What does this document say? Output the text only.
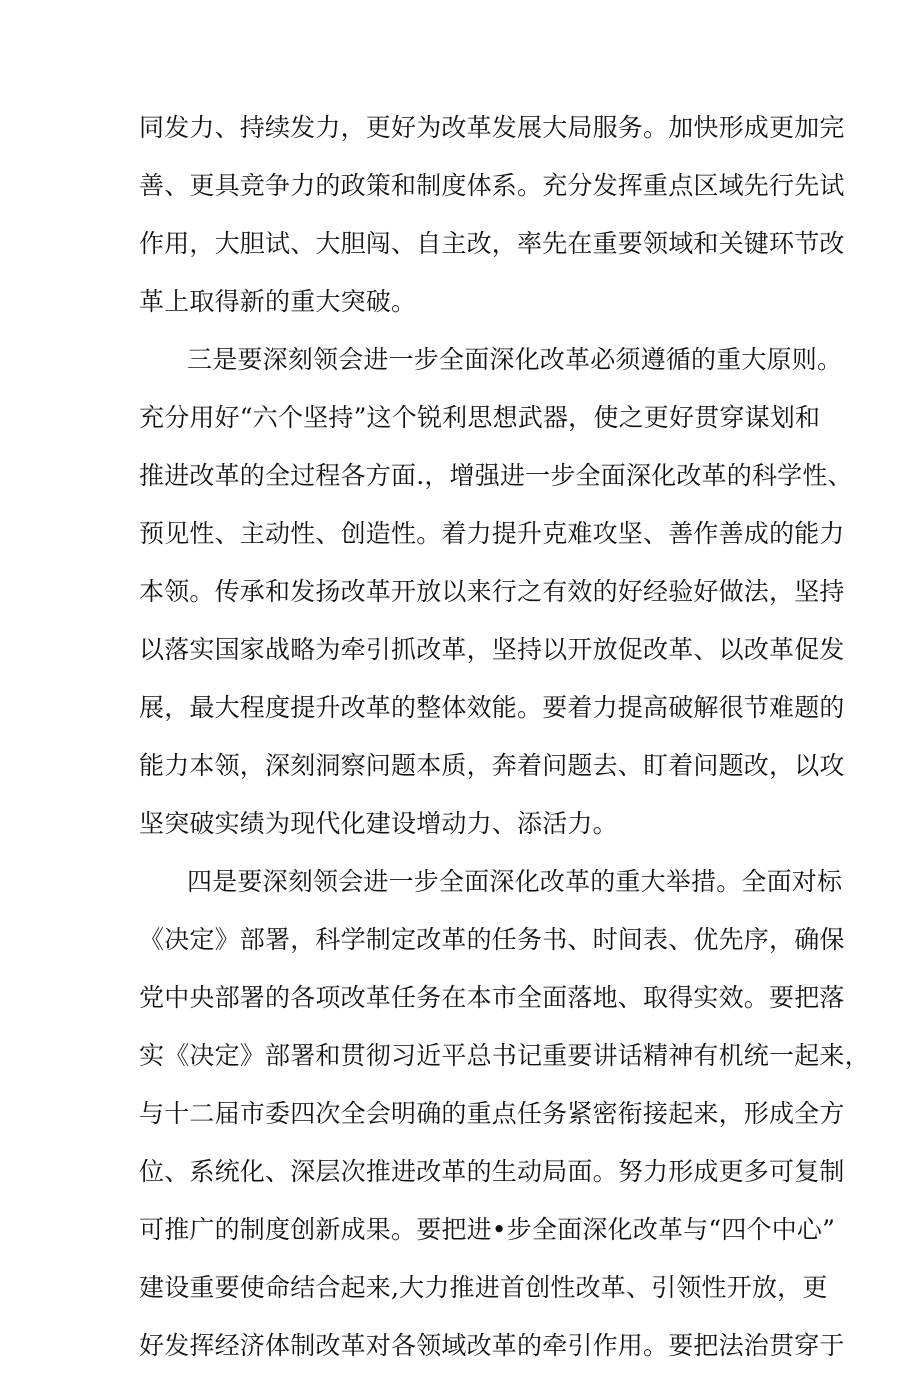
同发力、持续发力，更好为改革发展大局服务。加快形成更加完
善、更具竞争力的政策和制度体系。充分发挥重点区域先行先试
作用，大胆试、大胆闯、自主改，率先在重要领域和关键环节改
革上取得新的重大突破。
三是要深刻领会进一步全面深化改革必须遵循的重大原则。
充分用好“六个坚持”这个锐利思想武器，使之更好贯穿谋划和
推进改革的全过程各方面.，增强进一步全面深化改革的科学性、
预见性、主动性、创造性。着力提升克难攻坚、善作善成的能力
本领。传承和发扬改革开放以来行之有效的好经验好做法，坚持
以落实国家战略为牵引抓改革，坚持以开放促改革、以改革促发
展，最大程度提升改革的整体效能。要着力提高破解很节难题的
能力本领，深刻洞察问题本质，奔着问题去、盯着问题改，以攻
坚突破实绩为现代化建设增动力、添活力。
四是要深刻领会进一步全面深化改革的重大举措。全面对标
《决定》部署，科学制定改革的任务书、时间表、优先序，确保
党中央部署的各项改革任务在本市全面落地、取得实效。要把落
实《决定》部署和贯彻习近平总书记重要讲话精神有机统一起来，
与十二届市委四次全会明确的重点任务紧密衔接起来，形成全方
位、系统化、深层次推进改革的生动局面。努力形成更多可复制
可推广的制度创新成果。要把进•步全面深化改革与“四个中心”
建设重要使命结合起来,大力推进首创性改革、引领性开放，更
好发挥经济体制改革对各领域改革的牵引作用。要把法治贯穿于
